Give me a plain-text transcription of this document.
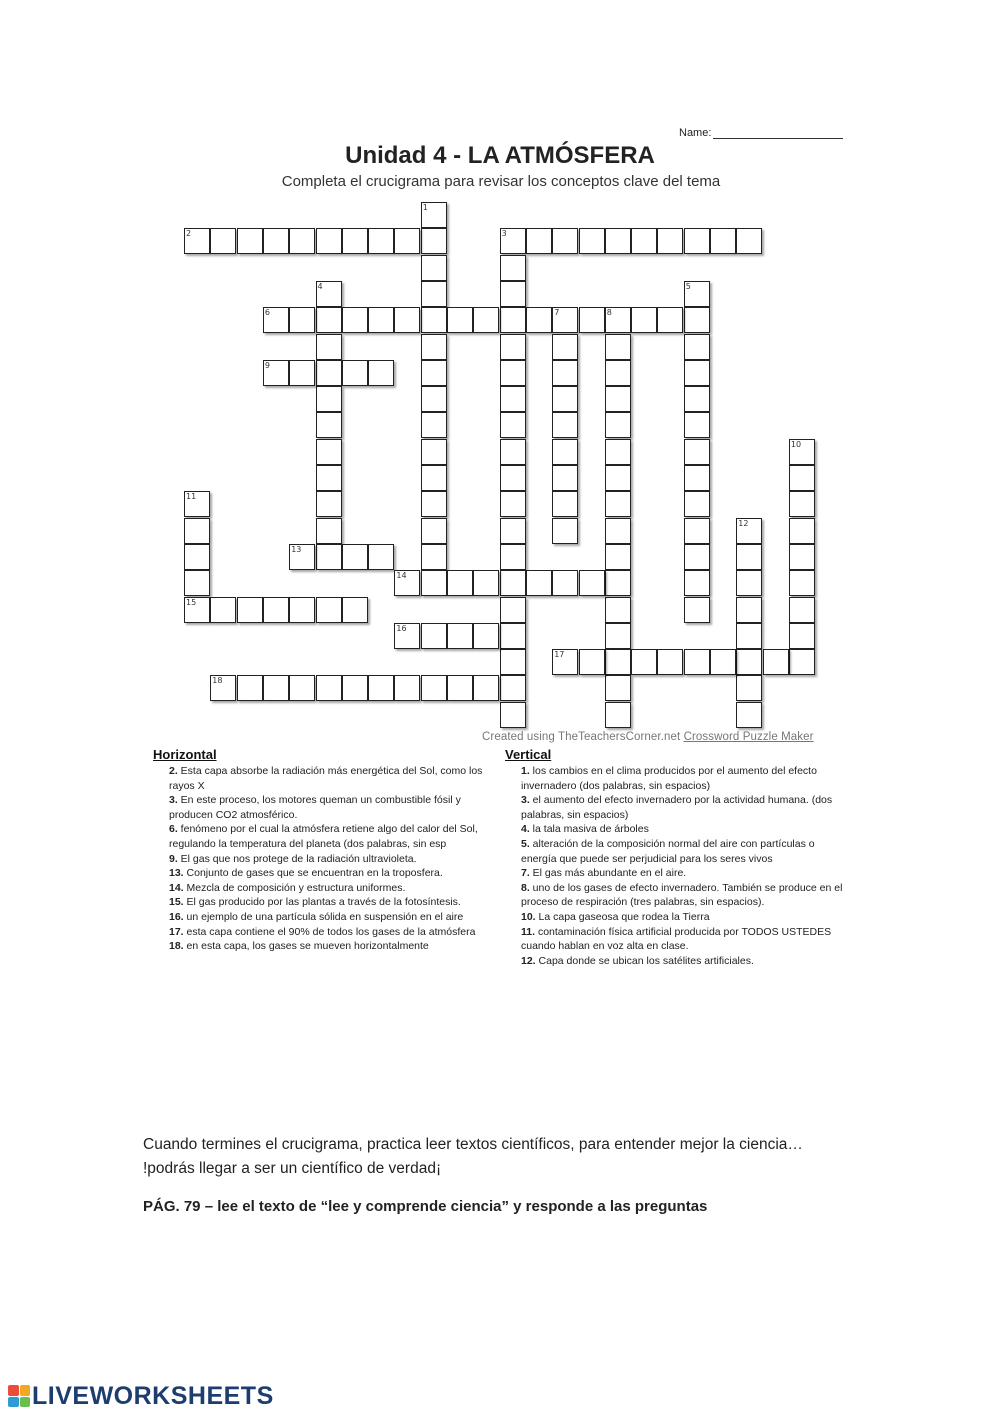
Name:
Unidad 4 - LA ATMÓSFERA
Completa el crucigrama para revisar los conceptos clave del tema
1
2	3
4	5
6	7	8
9
10
11
15
12
13
14
16
17
18
Created using TheTeachersCorner.net Crossword Puzzle Maker
Horizontal
2. Esta capa absorbe la radiación más energética del Sol, como los rayos X
3. En este proceso, los motores queman un combustible fósil y producen CO2 atmosférico.
6. fenómeno por el cual la atmósfera retiene algo del calor del Sol, regulando la temperatura del planeta (dos palabras, sin esp
9. El gas que nos protege de la radiación ultravioleta.
13. Conjunto de gases que se encuentran en la troposfera.
14. Mezcla de composición y estructura uniformes.
15. El gas producido por las plantas a través de la fotosíntesis.
16. un ejemplo de una partícula sólida en suspensión en el aire
17. esta capa contiene el 90% de todos los gases de la atmósfera
18. en esta capa, los gases se mueven horizontalmente
Vertical
1. los cambios en el clima producidos por el aumento del efecto invernadero (dos palabras, sin espacios)
3. el aumento del efecto invernadero por la actividad humana. (dos palabras, sin espacios)
4. la tala masiva de árboles
5. alteración de la composición normal del aire con partículas o energía que puede ser perjudicial para los seres vivos
7. El gas más abundante en el aire.
8. uno de los gases de efecto invernadero. También se produce en el proceso de respiración (tres palabras, sin espacios).
10. La capa gaseosa que rodea la Tierra
11. contaminación física artificial producida por TODOS USTEDES cuando hablan en voz alta en clase.
12. Capa donde se ubican los satélites artificiales.
Cuando termines el crucigrama, practica leer textos científicos, para entender mejor la ciencia… !podrás llegar a ser un científico de verdad¡
PÁG. 79 – lee el texto de “lee y comprende ciencia” y responde a las preguntas
LIVEWORKSHEETS
